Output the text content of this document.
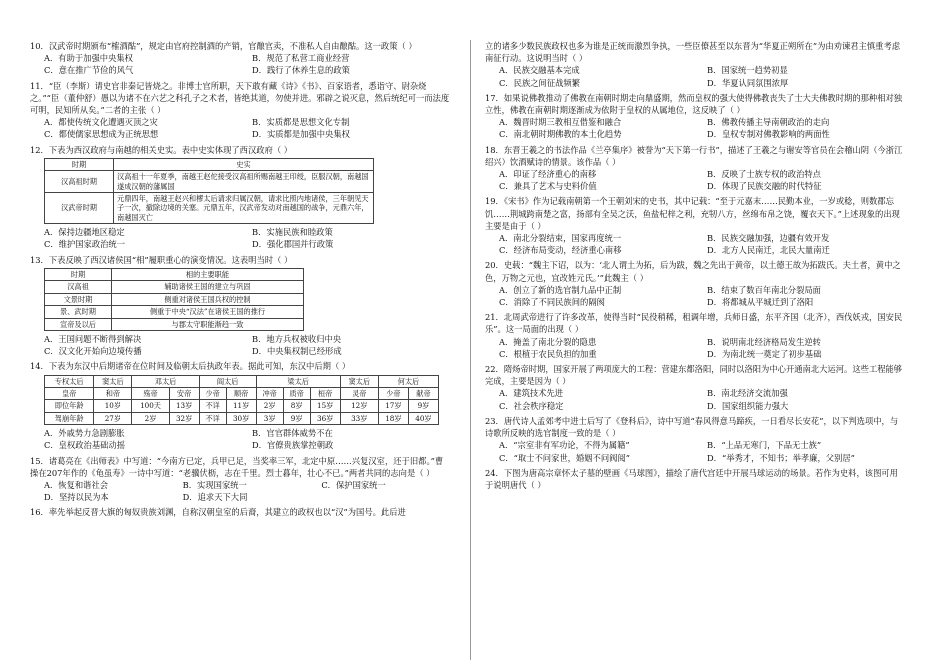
10．汉武帝时期颁布“榷酒酤”，规定由官府控制酒的产销，官酿官卖，不准私人自由酿酤。这一政策（ ）
A．有助于加强中央集权	B．规范了私营工商业经营
C．意在推广节俭的风气	D．践行了休养生息的政策
11．“臣（李斯）请史官非秦记皆烧之。非博士官所职，天下敢有藏《诗》《书》、百家语者，悉诣守、尉杂烧之。”“臣（董仲舒）愚以为诸不在六艺之科孔子之术者，皆绝其道，勿使并进。邪辟之说灭息，然后统纪可一而法度可明，民知所从矣。”二者的主张（ ）
A．都使传统文化遭遇灭顶之灾	B．实质都是思想文化专制
C．都使儒家思想成为正统思想	D．实质都是加强中央集权
12．下表为西汉政府与南越的相关史实。表中史实体现了西汉政府（ ）
时期	史实
汉高祖时期	汉高祖十一年夏季，南越王赵佗接受汉高祖所赐南越王印绶，臣服汉朝，南越国遂成汉朝的藩属国
汉武帝时期	元鼎四年，南越王赵兴和樛太后请求归属汉朝，请求比照内地诸侯，三年朝见天子一次，撤除边境的关塞。元鼎五年，汉武帝发动对南越国的战争，元鼎六年，南越国灭亡
A．保持边疆地区稳定	B．实施民族和睦政策
C．维护国家政治统一	D．强化郡国并行政策
13．下表反映了西汉诸侯国“相”履职重心的演变情况。这表明当时（ ）
时期	相的主要职能
汉高祖	辅助诸侯王国的建立与巩固
文景时期	侧重对诸侯王国兵权的控制
景、武时期	侧重于中央“汉法”在诸侯王国的推行
宣帝及以后	与郡太守职能渐趋一致
A．王国问题不断得到解决	B．地方兵权被收归中央
C．汉文化开始向边境传播	D．中央集权制已经形成
14．下表为东汉中后期诸帝在位时间及临朝太后执政年表。据此可知，东汉中后期（ ）
专权太后	窦太后	邓太后		阎太后		梁太后			窦太后	何太后	
皇帝	和帝	殇帝	安帝	少帝	顺帝	冲帝	质帝	桓帝	灵帝	少帝	献帝
即位年龄	10岁	100天	13岁	不详	11岁	2岁	8岁	15岁	12岁	17岁	9岁
驾崩年龄	27岁	2岁	32岁	不详	30岁	3岁	9岁	36岁	33岁	18岁	40岁
A．外戚势力急剧膨胀	B．官官群体威势不在
C．皇权政治基础动摇	D．官僚贵族掌控朝政
15．诸葛亮在《出师表》中写道：“今南方已定，兵甲已足，当奖率三军，北定中原……兴复汉室，还于旧都。”曹操在207年作的《龟虽寿》一诗中写道：“老骥伏枥，志在千里。烈士暮年，壮心不已。”两者共同的志向是（ ）
A．恢复和谐社会	B．实现国家统一	C．保护国家统一
D．坚持以民为本	D．追求天下大同
16．率先举起反晋大旗的匈奴贵族刘渊，自称汉朝皇室的后裔，其建立的政权也以“汉”为国号。此后进
立的诸多少数民族政权也多为谁是正统而激烈争执，一些臣僚甚至以东晋为“华夏正朔所在”为由劝谏君主慎重考虑南征行动。这说明当时（ ）
A．民族交融基本完成	B．国家统一趋势初显
C．民族之间征战频繁	D．华夏认同氛围浓厚
17．如果说佛教推动了佛教在南朝时期走向鼎盛期，然而皇权的强大使得佛教丧失了士大夫佛教时期的那种相对独立性，佛教在南朝时期逐渐成为依附于皇权的从属地位，这反映了（ ）
A．魏晋时期三教相互借鉴和融合	B．佛教传播主导南朝政治的走向
C．南北朝时期佛教的本土化趋势	D．皇权专制对佛教影响的两面性
18．东晋王羲之的书法作品《兰亭集序》被誉为“天下第一行书”，描述了王羲之与谢安等官员在会稽山阴（今浙江绍兴）饮酒赋诗的情景。该作品（ ）
A．印证了经济重心的南移	B．反映了士族专权的政治特点
C．兼具了艺术与史料价值	D．体现了民族交融的时代特征
19．《宋书》作为记载南朝第一个王朝刘宋的史书，其中记载：“至于元嘉末……民勤本业，一岁或稔，则数郡忘饥……荆城跨南楚之富，扬部有全吴之沃，鱼盐杞梓之利，充牣八方，丝绵布帛之饶，覆衣天下。”上述现象的出现主要是由于（ ）
A．南北分裂结束，国家再度统一	B．民族交融加强，边疆有效开发
C．经济布局变动，经济重心南移	D．北方人民南迁，北民大量南迁
20．史载：“魏主下诏，以为：‘北人谓土为拓，后为跋，魏之先出于黄帝，以土德王故为拓跋氏。夫土者，黄中之色，万物之元也，宜改姓元氏。’”此魏主（ ）
A．创立了新的选官制九品中正制	B．结束了数百年南北分裂局面
C．消除了不同民族间的隔阂	D．将都城从平城迁到了洛阳
21．北周武帝进行了许多改革，使得当时“民役稍稀，租调年增，兵师日盛，东平齐国（北齐），西伐妖戎，国安民乐”。这一局面的出现（ ）
A．掩盖了南北分裂的隐患	B．说明南北经济格局发生逆转
C．根植于农民负担的加重	D．为南北统一奠定了初步基础
22．隋炀帝时期，国家开展了两项庞大的工程：营建东都洛阳，同时以洛阳为中心开通南北大运河。这些工程能够完成，主要是因为（ ）
A．建筑技术先进	B．南北经济交流加强
C．社会秩序稳定	D．国家组织能力强大
23．唐代诗人孟郊考中进士后写了《登科后》，诗中写道“春风得意马蹄疾，一日看尽长安花”，以下判选项中，与诗歌所反映的选官制度一致的是（ ）
A．“宗室非有军功论，不得为属籍”	B．“上品无寒门，下品无士族”
C．“取士不问家世，婚姻不问阀阅”	D．“举秀才，不知书；举孝廉，父别居”
24．下图为唐高宗章怀太子墓的壁画《马球图》，描绘了唐代宫廷中开展马球运动的场景。若作为史料，该图可用于说明唐代（ ）
